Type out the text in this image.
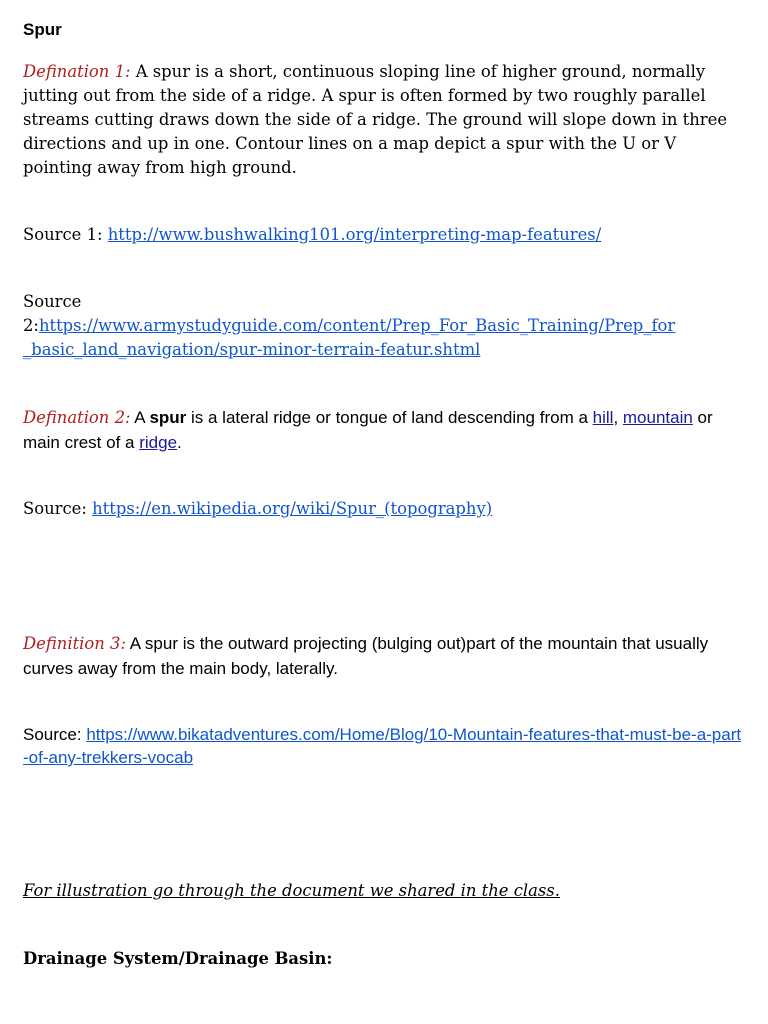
Spur
Defination 1: A spur is a short, continuous sloping line of higher ground, normally jutting out from the side of a ridge. A spur is often formed by two roughly parallel streams cutting draws down the side of a ridge. The ground will slope down in three directions and up in one. Contour lines on a map depict a spur with the U or V pointing away from high ground.
Source 1: http://www.bushwalking101.org/interpreting-map-features/
Source
2:https://www.armystudyguide.com/content/Prep_For_Basic_Training/Prep_for
_basic_land_navigation/spur-minor-terrain-featur.shtml
Defination 2: A spur is a lateral ridge or tongue of land descending from a hill, mountain or main crest of a ridge.
Source: https://en.wikipedia.org/wiki/Spur_(topography)
Definition 3: A spur is the outward projecting (bulging out)part of the mountain that usually curves away from the main body, laterally.
Source: https://www.bikatadventures.com/Home/Blog/10-Mountain-features-that-must-be-a-part-of-any-trekkers-vocab
For illustration go through the document we shared in the class.
Drainage System/Drainage Basin:
